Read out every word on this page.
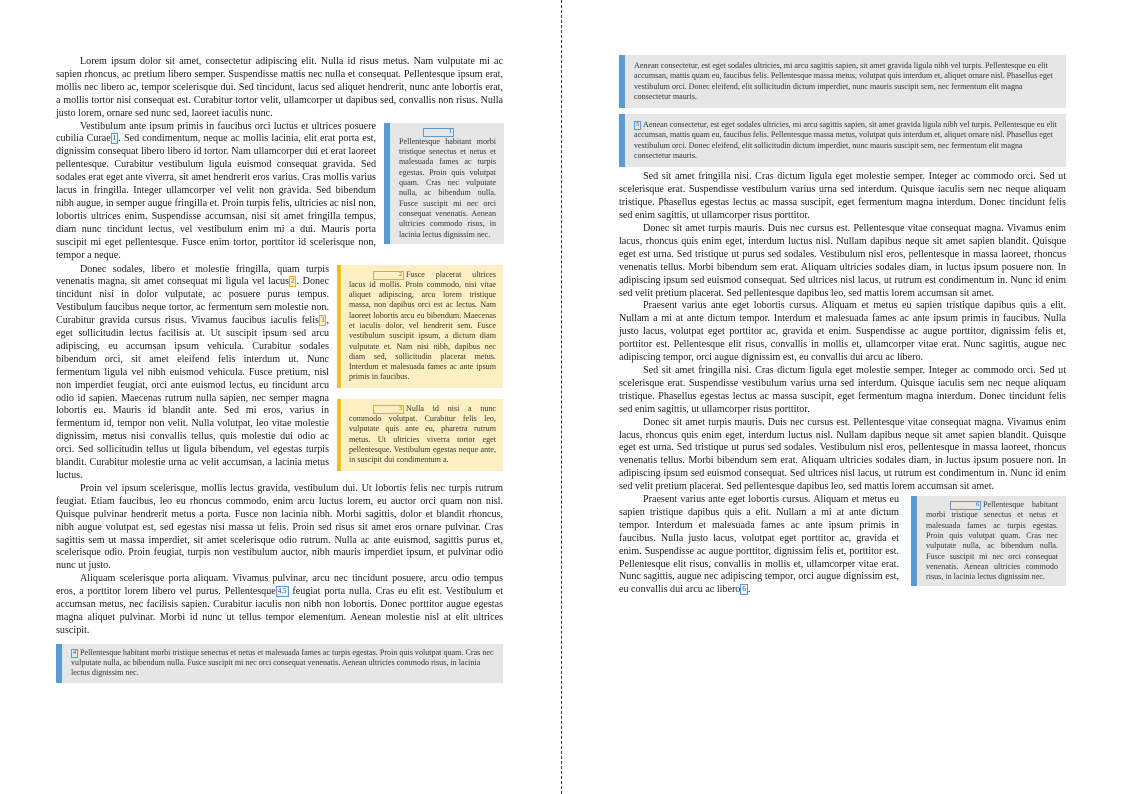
Lorem ipsum dolor sit amet, consectetur adipiscing elit. Nulla id risus metus. Nam vulputate mi ac sapien rhoncus, ac pretium libero semper. Suspendisse mattis nec nulla et consequat. Pellentesque ipsum erat, mollis nec libero ac, tempor scelerisque dui. Sed tincidunt, lacus sed aliquet hendrerit, nunc ante lobortis erat, a mollis tortor nisi consequat est. Curabitur tortor velit, ullamcorper ut dapibus sed, convallis non risus. Nulla justo lorem, ornare sed nunc sed, laoreet iaculis nunc.

1Pellentesque habitant morbi tristique senectus et netus et malesuada fames ac turpis egestas. Proin quis volutpat quam. Cras nec vulputate nulla, ac bibendum nulla. Fusce suscipit mi nec orci consequat venenatis. Aenean ultricies commodo risus, in lacinia lectus dignissim nec.
Vestibulum ante ipsum primis in faucibus orci luctus et ultrices posuere cubilia Curae 1 . Sed condimentum, neque ac mollis lacinia, elit erat porta est, dignissim consequat libero libero id tortor. Nam ullamcorper dui et erat laoreet pellentesque. Curabitur vestibulum ligula euismod consequat gravida. Sed sodales erat eget ante viverra, sit amet hendrerit eros varius. Cras mollis varius lacus in fringilla. Integer ullamcorper vel velit non gravida. Sed bibendum nibh augue, in semper augue fringilla et. Proin turpis felis, ultricies ac nisl non, lobortis ultrices enim. Suspendisse accumsan, nisi sit amet fringilla tempus, diam nunc tincidunt lectus, vel vestibulum enim mi a dui. Mauris porta suscipit mi eget pellentesque. Fusce enim tortor, porttitor id scelerisque non, tempor a neque.

2 Fusce placerat ultrices lacus id mollis. Proin commodo, nisi vitae aliquet adipiscing, arcu lorem tristique massa, non dapibus orci est ac lectus. Nam laoreet lobortis arcu eu bibendum. Maecenas et iaculis dolor, vel hendrerit sem. Fusce vestibulum suscipit ipsum, a dictum diam vulputate et. Nam nisi nibh, dapibus nec diam sed, sollicitudin placerat metus. Interdum et malesuada fames ac ante ipsum primis in faucibus.
3 Nulla id nisi a nunc commodo volutpat. Curabitur felis leo, vulputate quis ante eu, pharetra rutrum metus. Ut ultricies viverra tortor eget pellentesque. Vestibulum egestas neque ante, in suscipit dui condimentum a.
Donec sodales, libero et molestie fringilla, quam turpis venenatis magna, sit amet consequat mi ligula vel lacus 2 . Donec tincidunt nisi in dolor vulputate, ac posuere purus tempus. Vestibulum faucibus neque tortor, ac fermentum sem molestie non. Curabitur gravida cursus risus. Vivamus faucibus iaculis felis 3 , eget sollicitudin lectus facilisis at. Ut suscipit ipsum sed arcu adipiscing, eu accumsan ipsum vehicula. Curabitur sodales bibendum orci, sit amet eleifend felis interdum ut. Nunc fermentum ligula vel nibh euismod vehicula. Fusce pretium, nisl non imperdiet feugiat, orci ante euismod lectus, eu tincidunt arcu odio id sapien. Maecenas rutrum nulla sapien, nec semper magna lobortis eu. Mauris id blandit ante. Sed mi eros, varius in fermentum id, tempor non velit. Nulla volutpat, leo vitae molestie dignissim, metus nisi convallis tellus, quis molestie dui odio ac orci. Sed sollicitudin tellus ut ligula bibendum, vel egestas turpis blandit. Curabitur molestie urna ac velit accumsan, a lacinia metus luctus.

Proin vel ipsum scelerisque, mollis lectus gravida, vestibulum dui. Ut lobortis felis nec turpis rutrum feugiat. Etiam faucibus, leo eu rhoncus commodo, enim arcu luctus lorem, eu auctor orci quam non nisl. Quisque pulvinar hendrerit metus a porta. Fusce non lacinia nibh. Morbi sagittis, dolor et blandit rhoncus, nibh augue volutpat est, sed egestas nisi massa ut felis. Proin sed risus sit amet eros ornare pulvinar. Cras sagittis sem ut massa imperdiet, sit amet scelerisque odio rutrum. Nulla ac ante euismod, sagittis purus et, scelerisque odio. Proin feugiat, turpis non vestibulum auctor, nibh mauris imperdiet ipsum, et pulvinar odio nunc ut justo.

Aliquam scelerisque porta aliquam. Vivamus pulvinar, arcu nec tincidunt posuere, arcu odio tempus eros, a porttitor lorem libero vel purus. Pellentesque 4,5 feugiat porta nulla. Cras eu elit est. Vestibulum et accumsan metus, nec facilisis sapien. Curabitur iaculis non nibh non lobortis. Donec porttitor augue egestas magna aliquet pulvinar. Morbi id nunc ut tellus tempor elementum. Aenean molestie nisl at elit ultrices suscipit.

4 Pellentesque habitant morbi tristique senectus et netus et malesuada fames ac turpis egestas. Proin quis volutpat quam. Cras nec vulputate nulla, ac bibendum nulla. Fusce suscipit mi nec orci consequat venenatis. Aenean ultricies commodo risus, in lacinia lectus dignissim nec.
Aenean consectetur, est eget sodales ultricies, mi arcu sagittis sapien, sit amet gravida ligula nibh vel turpis. Pellentesque eu elit accumsan, mattis quam eu, faucibus felis. Pellentesque massa metus, volutpat quis interdum et, aliquet ornare nisl. Phasellus eget vestibulum orci. Donec eleifend, elit sollicitudin dictum imperdiet, nunc mauris suscipit sem, nec fermentum elit magna consectetur mauris.
5 Aenean consectetur, est eget sodales ultricies, mi arcu sagittis sapien, sit amet gravida ligula nibh vel turpis. Pellentesque eu elit accumsan, mattis quam eu, faucibus felis. Pellentesque massa metus, volutpat quis interdum et, aliquet ornare nisl. Phasellus eget vestibulum orci. Donec eleifend, elit sollicitudin dictum imperdiet, nunc mauris suscipit sem, nec fermentum elit magna consectetur mauris.

Sed sit amet fringilla nisi. Cras dictum ligula eget molestie semper. Integer ac commodo orci. Sed ut scelerisque erat. Suspendisse vestibulum varius urna sed interdum. Quisque iaculis sem nec neque aliquam tristique. Phasellus egestas lectus ac massa suscipit, eget fermentum magna interdum. Donec tincidunt felis sed enim sagittis, ut ullamcorper risus porttitor.

Donec sit amet turpis mauris. Duis nec cursus est. Pellentesque vitae consequat magna. Vivamus enim lacus, rhoncus quis enim eget, interdum luctus nisl. Nullam dapibus neque sit amet sapien blandit. Quisque eget est urna. Sed tristique ut purus sed sodales. Vestibulum nisl eros, pellentesque in massa laoreet, rhoncus venenatis tellus. Morbi bibendum sem erat. Aliquam ultricies sodales diam, in luctus ipsum posuere non. In adipiscing ipsum sed euismod consequat. Sed ultrices nisl lacus, ut rutrum est condimentum in. Nunc id enim sed velit pretium placerat. Sed pellentesque dapibus leo, sed mattis lorem accumsan sit amet.

Praesent varius ante eget lobortis cursus. Aliquam et metus eu sapien tristique dapibus quis a elit. Nullam a mi at ante dictum tempor. Interdum et malesuada fames ac ante ipsum primis in faucibus. Nulla justo lacus, volutpat eget porttitor ac, gravida et enim. Suspendisse ac augue porttitor, dignissim felis et, porttitor est. Pellentesque elit risus, convallis in mollis et, ullamcorper vitae erat. Nunc sagittis, augue nec adipiscing tempor, orci augue dignissim est, eu convallis dui arcu ac libero.

Sed sit amet fringilla nisi. Cras dictum ligula eget molestie semper. Integer ac commodo orci. Sed ut scelerisque erat. Suspendisse vestibulum varius urna sed interdum. Quisque iaculis sem nec neque aliquam tristique. Phasellus egestas lectus ac massa suscipit, eget fermentum magna interdum. Donec tincidunt felis sed enim sagittis, ut ullamcorper risus porttitor.

Donec sit amet turpis mauris. Duis nec cursus est. Pellentesque vitae consequat magna. Vivamus enim lacus, rhoncus quis enim eget, interdum luctus nisl. Nullam dapibus neque sit amet sapien blandit. Quisque eget est urna. Sed tristique ut purus sed sodales. Vestibulum nisl eros, pellentesque in massa laoreet, rhoncus venenatis tellus. Morbi bibendum sem erat. Aliquam ultricies sodales diam, in luctus ipsum posuere non. In adipiscing ipsum sed euismod consequat. Sed ultrices nisl lacus, ut rutrum est condimentum in. Nunc id enim sed velit pretium placerat. Sed pellentesque dapibus leo, sed mattis lorem accumsan sit amet.

6 Pellentesque habitant morbi tristique senectus et netus et malesuada fames ac turpis egestas. Proin quis volutpat quam. Cras nec vulputate nulla, ac bibendum nulla. Fusce suscipit mi nec orci consequat venenatis. Aenean ultricies commodo risus, in lacinia lectus dignissim nec.
Praesent varius ante eget lobortis cursus. Aliquam et metus eu sapien tristique dapibus quis a elit. Nullam a mi at ante dictum tempor. Interdum et malesuada fames ac ante ipsum primis in faucibus. Nulla justo lacus, volutpat eget porttitor ac, gravida et enim. Suspendisse ac augue porttitor, dignissim felis et, porttitor est. Pellentesque elit risus, convallis in mollis et, ullamcorper vitae erat. Nunc sagittis, augue nec adipiscing tempor, orci augue dignissim est, eu convallis dui arcu ac libero 6 .
